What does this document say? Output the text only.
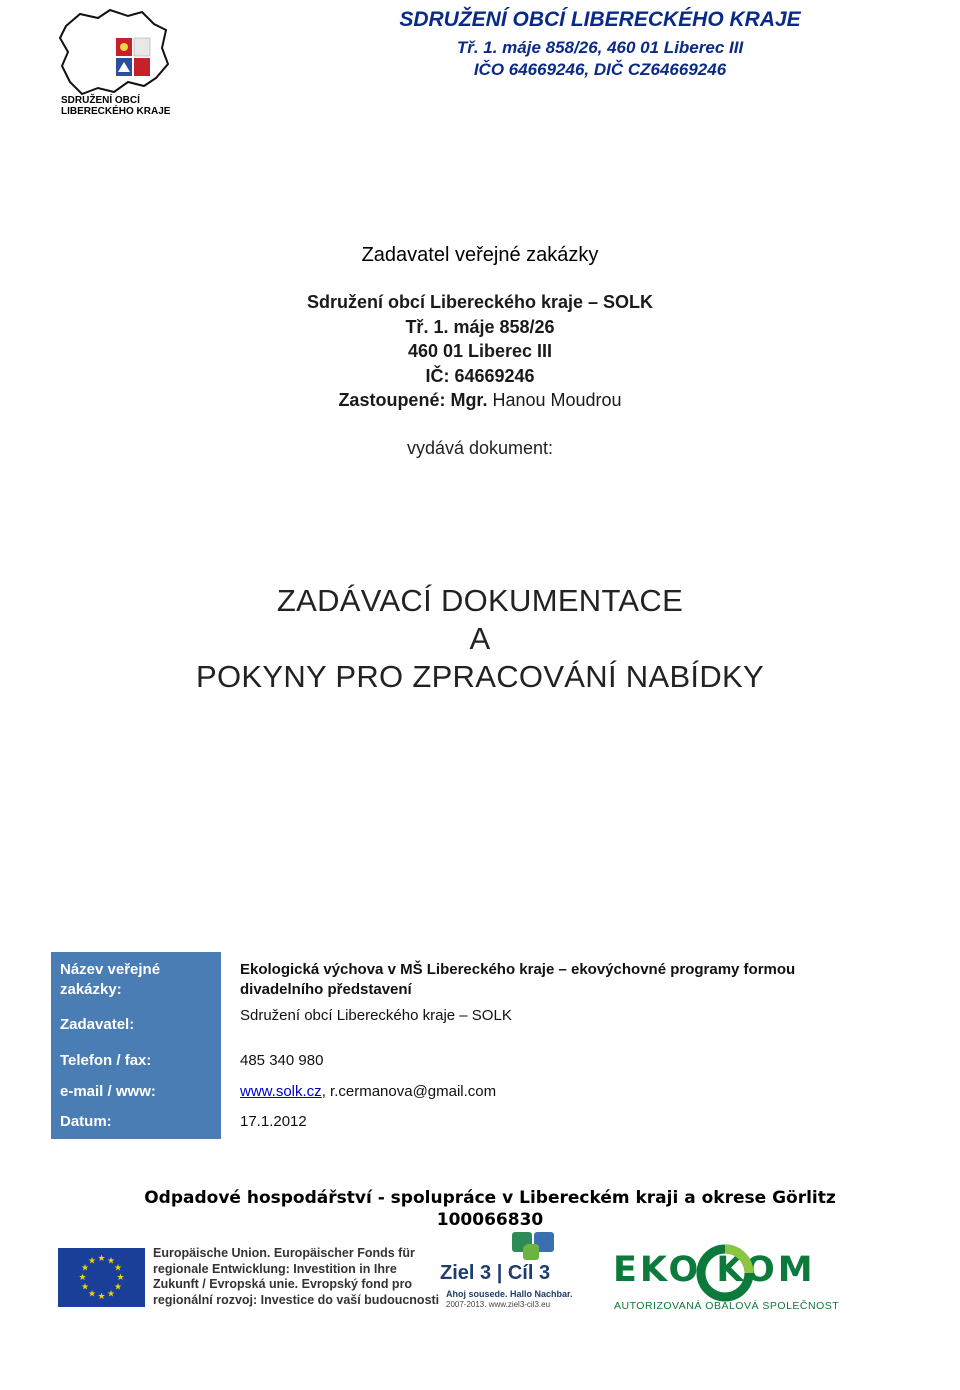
SDRUŽENÍ OBCÍ
LIBERECKÉHO KRAJE
SDRUŽENÍ OBCÍ LIBERECKÉHO KRAJE
Tř. 1. máje 858/26, 460 01 Liberec III
IČO 64669246, DIČ CZ64669246
Zadavatel veřejné zakázky
Sdružení obcí Libereckého kraje – SOLK
Tř. 1. máje 858/26
460 01 Liberec III
IČ: 64669246
Zastoupené: Mgr. Hanou Moudrou
vydává dokument:
ZADÁVACÍ DOKUMENTACE
A
POKYNY PRO ZPRACOVÁNÍ NABÍDKY
Název veřejné
zakázky:
Ekologická výchova v MŠ Libereckého kraje – ekovýchovné programy formou
divadelního představení
Zadavatel:
Sdružení obcí Libereckého kraje – SOLK
Telefon / fax:	485 340 980
e-mail / www:	www.solk.cz, r.cermanova@gmail.com
Datum:	17.1.2012
Odpadové hospodářství - spolupráce v Libereckém kraji a okrese Görlitz
100066830
★ ★
★
★
★
★
★
★
★
★
★
★
Europäische Union. Europäischer Fonds für
regionale Entwicklung: Investition in Ihre
Zukunft / Evropská unie. Evropský fond pro
regionální rozvoj: Investice do vaší budoucnosti
Ziel 3 | Cíl 3
Ahoj sousede. Hallo Nachbar.
2007-2013. www.ziel3-cil3.eu
EKO KOM
AUTORIZOVANÁ OBALOVÁ SPOLEČNOST
